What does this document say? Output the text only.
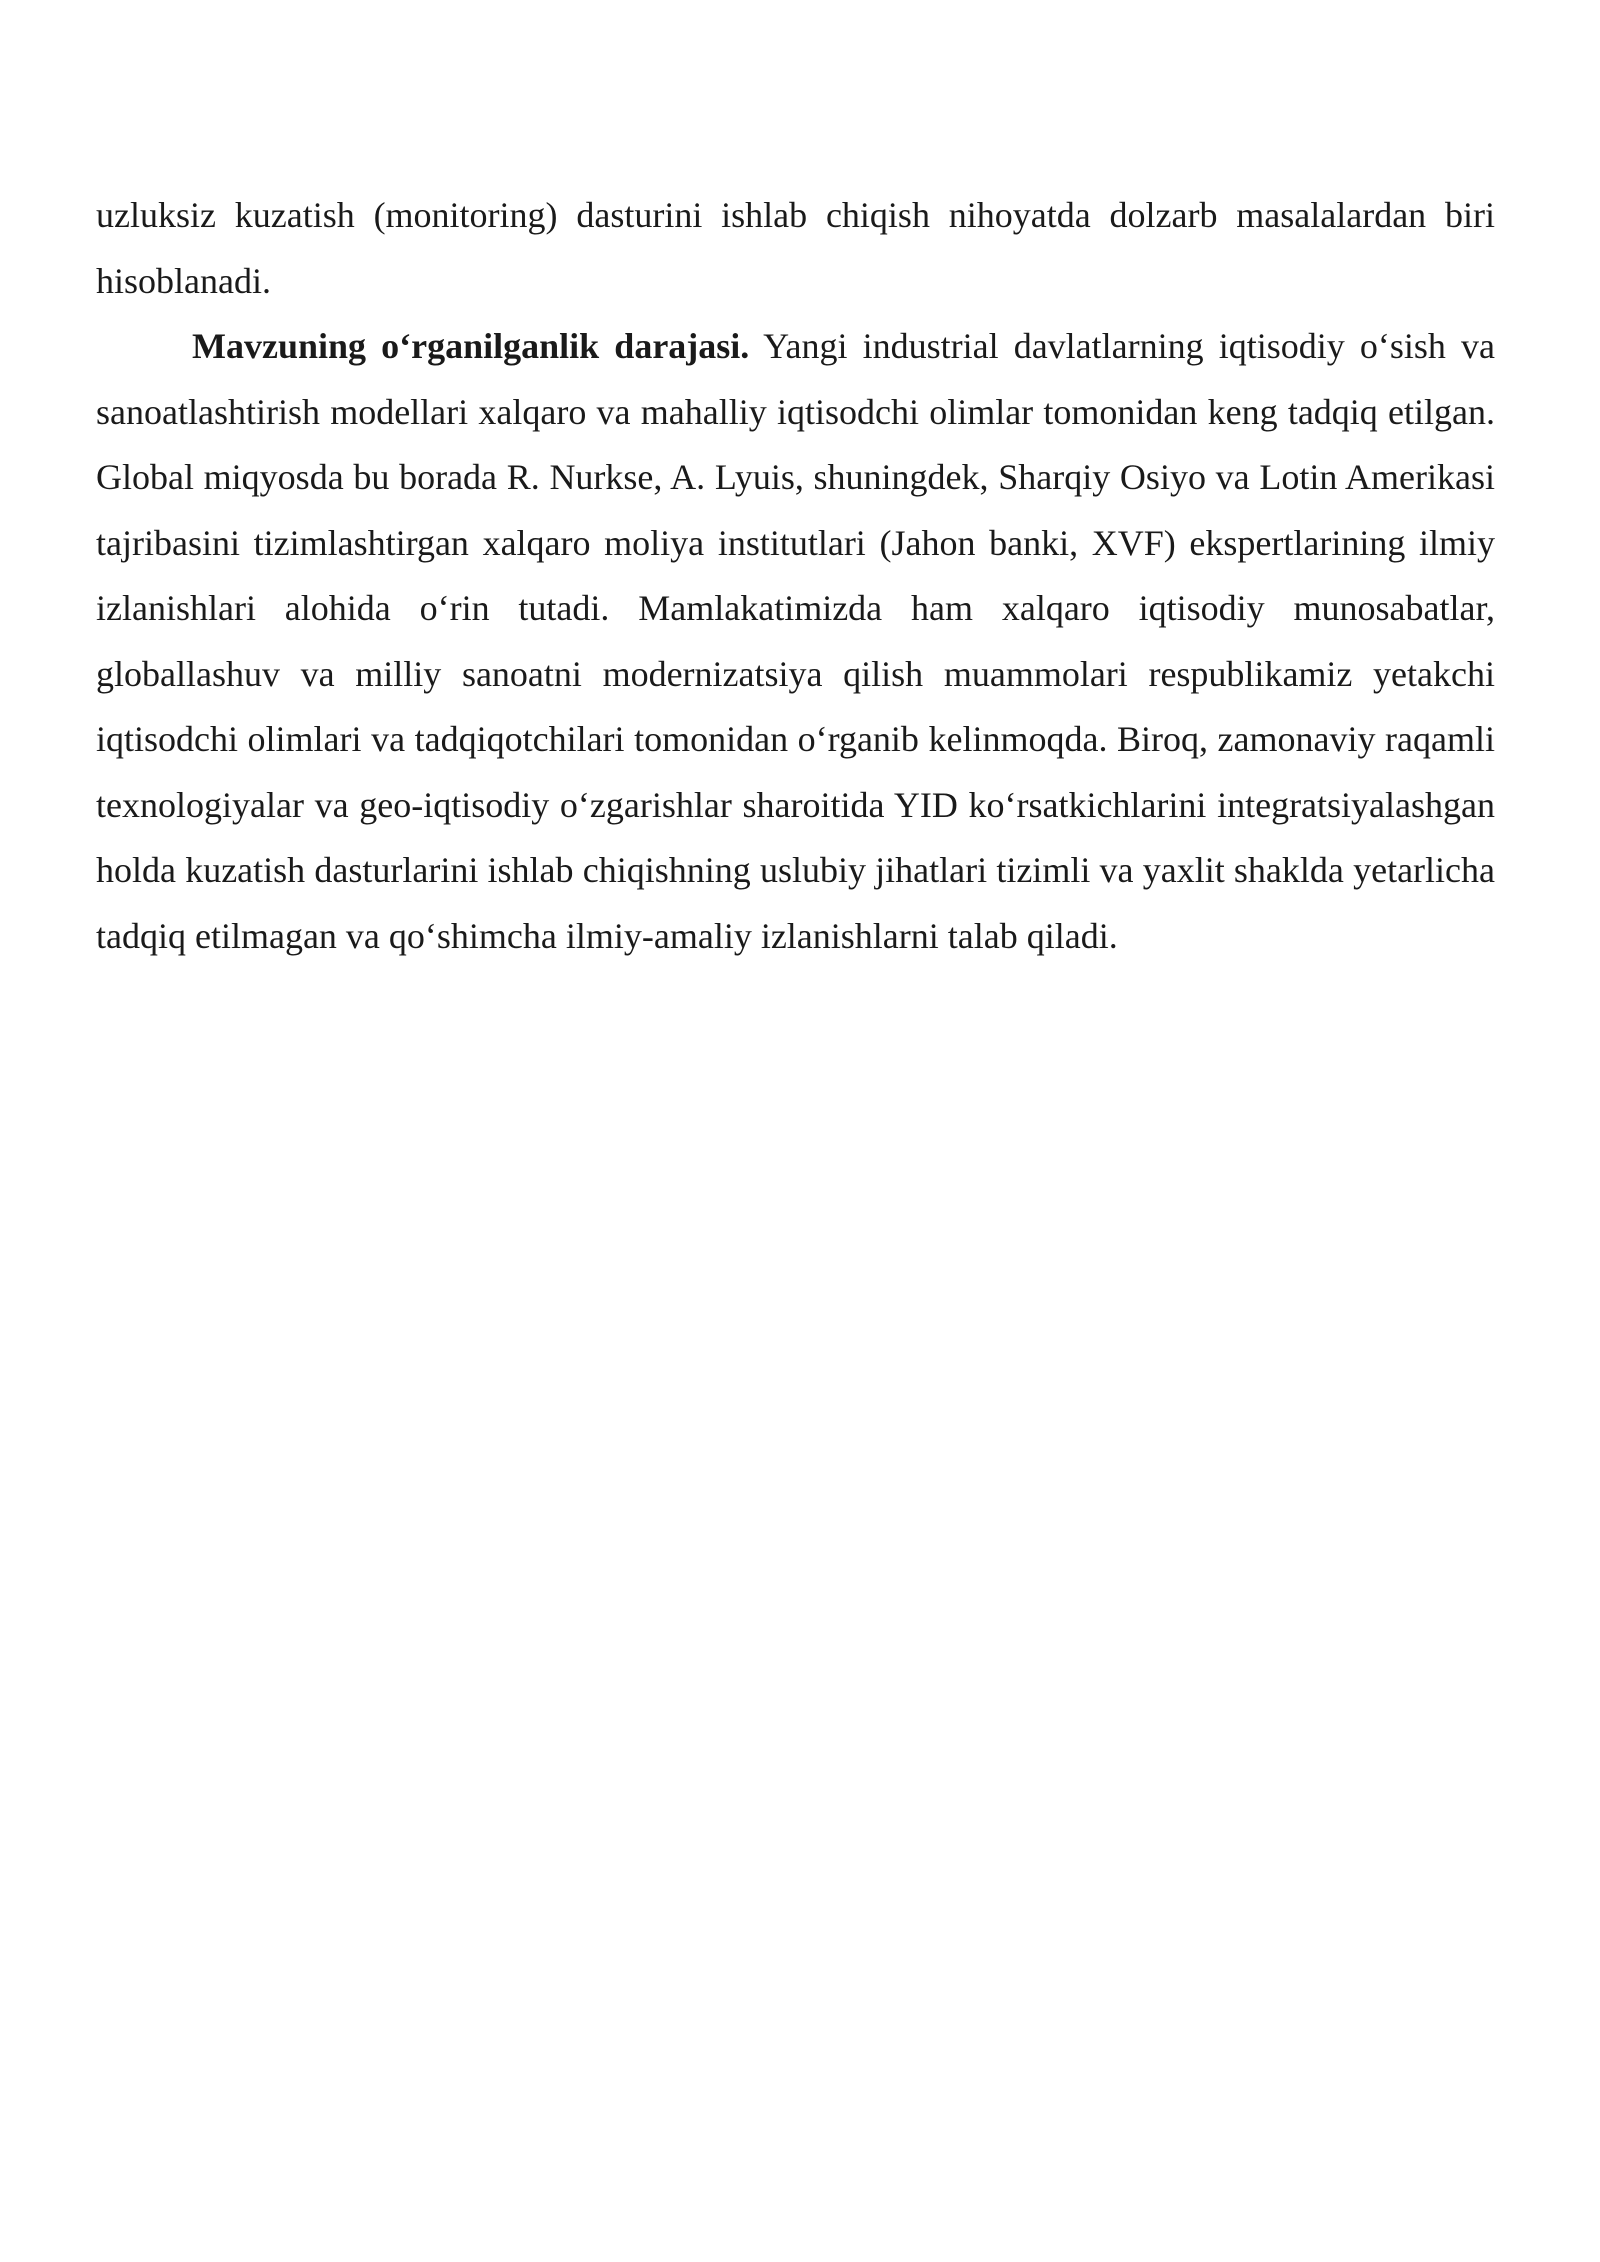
uzluksiz kuzatish (monitoring) dasturini ishlab chiqish nihoyatda dolzarb masalalardan biri hisoblanadi.

Mavzuning o‘rganilganlik darajasi. Yangi industrial davlatlarning iqtisodiy o‘sish va sanoatlashtirish modellari xalqaro va mahalliy iqtisodchi olimlar tomonidan keng tadqiq etilgan. Global miqyosda bu borada R. Nurkse, A. Lyuis, shuningdek, Sharqiy Osiyo va Lotin Amerikasi tajribasini tizimlashtirgan xalqaro moliya institutlari (Jahon banki, XVF) ekspertlarining ilmiy izlanishlari alohida o‘rin tutadi. Mamlakatimizda ham xalqaro iqtisodiy munosabatlar, globallashuv va milliy sanoatni modernizatsiya qilish muammolari respublikamiz yetakchi iqtisodchi olimlari va tadqiqotchilari tomonidan o‘rganib kelinmoqda. Biroq, zamonaviy raqamli texnologiyalar va geo-iqtisodiy o‘zgarishlar sharoitida YID ko‘rsatkichlarini integratsiyalashgan holda kuzatish dasturlarini ishlab chiqishning uslubiy jihatlari tizimli va yaxlit shaklda yetarlicha tadqiq etilmagan va qo‘shimcha ilmiy-amaliy izlanishlarni talab qiladi.
